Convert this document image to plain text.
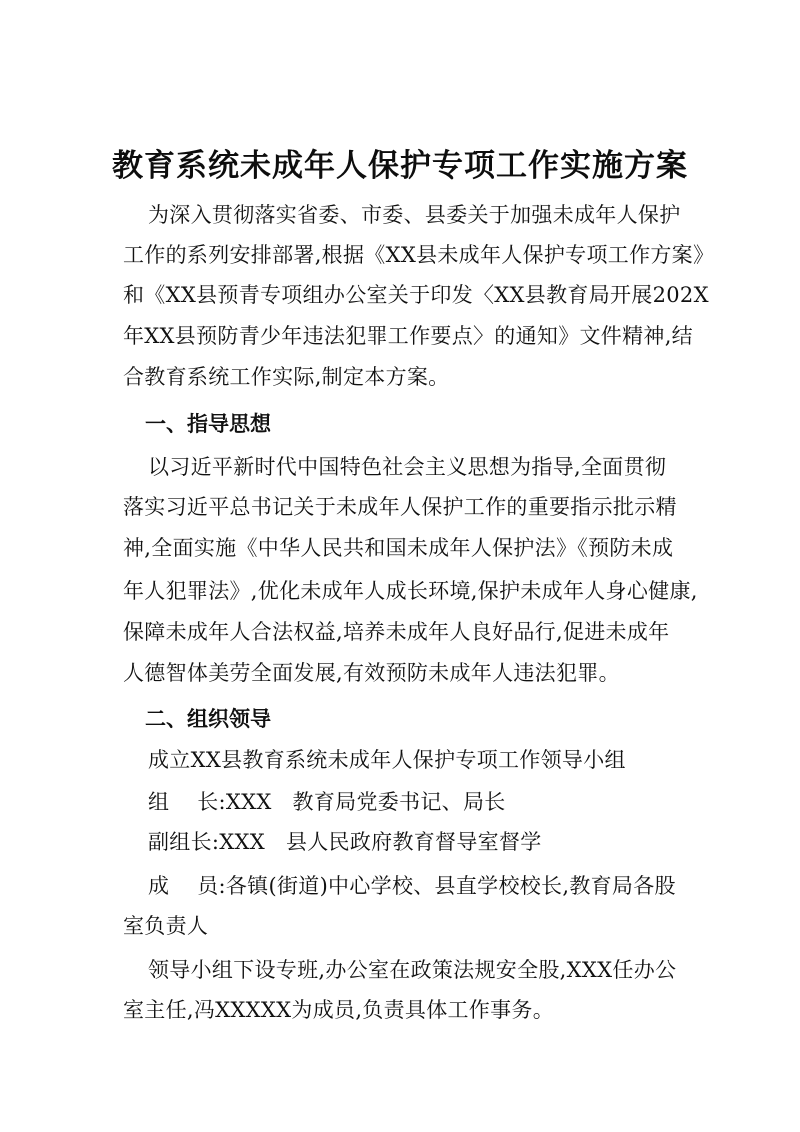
教育系统未成年人保护专项工作实施方案

为深入贯彻落实省委、市委、县委关于加强未成年人保护

工作的系列安排部署,根据《XX县未成年人保护专项工作方案》

和《XX县预青专项组办公室关于印发〈XX县教育局开展202X

年XX县预防青少年违法犯罪工作要点〉的通知》文件精神,结

合教育系统工作实际,制定本方案。

一、指导思想

以习近平新时代中国特色社会主义思想为指导,全面贯彻

落实习近平总书记关于未成年人保护工作的重要指示批示精

神,全面实施《中华人民共和国未成年人保护法》《预防未成

年人犯罪法》,优化未成年人成长环境,保护未成年人身心健康,

保障未成年人合法权益,培养未成年人良好品行,促进未成年

人德智体美劳全面发展,有效预防未成年人违法犯罪。

二、组织领导

成立XX县教育系统未成年人保护专项工作领导小组

组    长:XXX   教育局党委书记、局长

副组长:XXX   县人民政府教育督导室督学

成    员:各镇(街道)中心学校、县直学校校长,教育局各股

室负责人

领导小组下设专班,办公室在政策法规安全股,XXX任办公

室主任,冯XXXXX为成员,负责具体工作事务。
